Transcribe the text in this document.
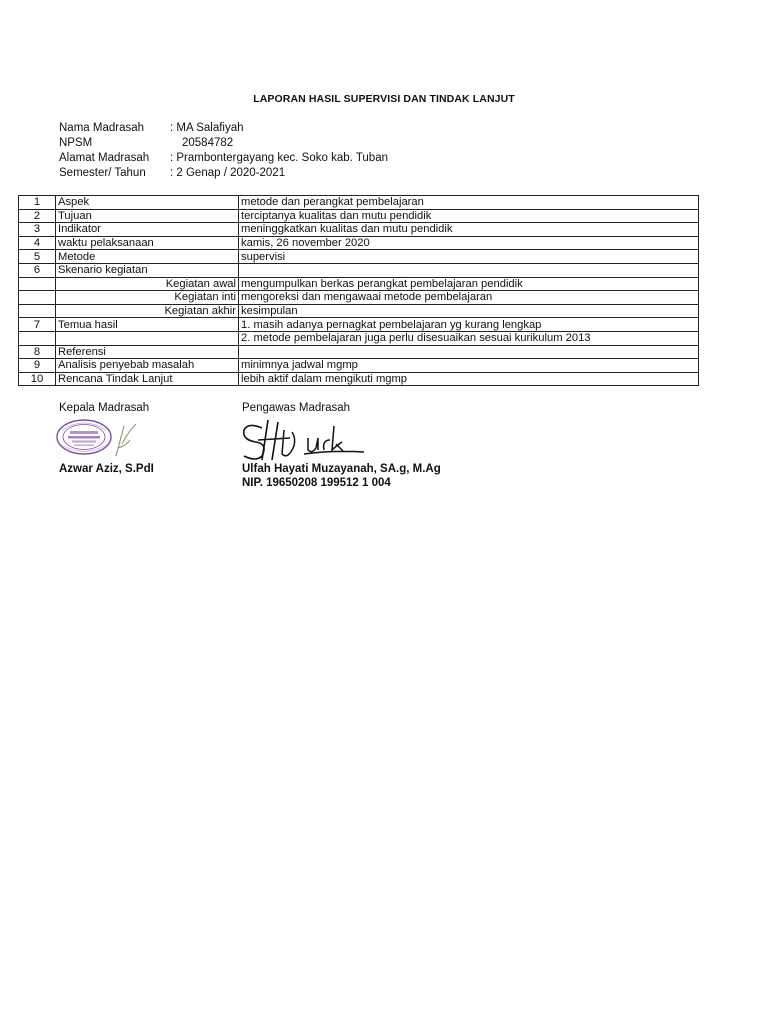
LAPORAN HASIL SUPERVISI DAN TINDAK LANJUT
Nama Madrasah : MA Salafiyah
NPSM	20584782
Alamat Madrasah : Prambontergayang kec. Soko kab. Tuban
Semester/ Tahun : 2 Genap / 2020-2021
1	Aspek	metode dan perangkat pembelajaran
2	Tujuan	terciptanya kualitas dan mutu pendidik
3	Indikator	meninggkatkan kualitas dan mutu pendidik
4	waktu pelaksanaan	kamis, 26 november 2020
5	Metode	supervisi
6	Skenario kegiatan	
	Kegiatan awal	mengumpulkan berkas perangkat pembelajaran pendidik
	Kegiatan inti	mengoreksi dan mengawaai metode pembelajaran
	Kegiatan akhir	kesimpulan
7	Temua hasil	1. masih adanya pernagkat pembelajaran yg kurang lengkap
		2. metode pembelajaran juga perlu disesuaikan sesuai kurikulum 2013
8	Referensi	
9	Analisis penyebab masalah	minimnya jadwal mgmp
10	Rencana Tindak Lanjut	lebih aktif dalam mengikuti mgmp
Kepala Madrasah	Pengawas Madrasah
Azwar Aziz, S.PdI	Ulfah Hayati Muzayanah, SA.g, M.Ag
NIP. 19650208 199512 1 004
